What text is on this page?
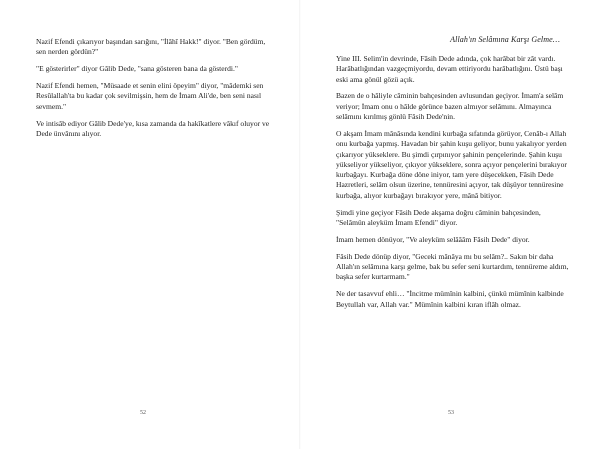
Nazif Efendi çıkarıyor başından sarığını, "İlâhî Hakk!" diyor. "Ben gördüm, sen nerden gördün?"

"E gösterirler" diyor Gâlib Dede, "sana gösteren bana da gösterdi."

Nazif Efendi hemen, "Müsaade et senin elini öpeyim" diyor, "mâdemki sen Resûlallah'ta bu kadar çok sevilmişsin, hem de İmam Ali'de, ben seni nasıl sevmem."

Ve intisâb ediyor Gâlib Dede'ye, kısa zamanda da hakîkatlere vâkıf oluyor ve Dede ünvânını alıyor.

52
Allah'ın Selâmına Karşı Gelme…

Yine III. Selim'in devrinde, Fâsih Dede adında, çok harâbat bir zât vardı. Harâbatlığından vazgeçmiyordu, devam ettiriyordu harâbatlığını. Üstü başı eski ama gönül gözü açık.

Bazen de o hâliyle câminin bahçesinden avlusundan geçiyor. İmam'a selâm veriyor; İmam onu o hâlde görünce bazen almıyor selâmını. Almayınca selâmını kırılmış gönlü Fâsih Dede'nin.

O akşam İmam mânâsında kendini kurbağa sıfatında görüyor, Cenâb-ı Allah onu kurbağa yapmış. Havadan bir şahin kuşu geliyor, bunu yakalıyor yerden çıkarıyor yükseklere. Bu şimdi çırpınıyor şahinin pençelerinde. Şahin kuşu yükseliyor yükseliyor, çıkıyor yükseklere, sonra açıyor pençelerini bırakıyor kurbağayı. Kurbağa döne döne iniyor, tam yere düşecekken, Fâsih Dede Hazretleri, selâm olsun üzerine, tennüresini açıyor, tak düşüyor tennüresine kurbağa, alıyor kurbağayı bırakıyor yere, mânâ bitiyor.

Şimdi yine geçiyor Fâsih Dede akşama doğru câminin bahçesinden, "Selâmün aleyküm İmam Efendi" diyor.

İmam hemen dönüyor, "Ve aleyküm selâââm Fâsih Dede" diyor.

Fâsih Dede dönüp diyor, "Geceki mânâya mı bu selâm?.. Sakın bir daha Allah'ın selâmına karşı gelme, bak bu sefer seni kurtardım, tennüreme aldım, başka sefer kurtarmam."

Ne der tasavvuf ehli… "İncitme mümînin kalbini, çünkü mümînin kalbinde Beytullah var, Allah var." Mümînin kalbini kıran iflâh olmaz.

53
